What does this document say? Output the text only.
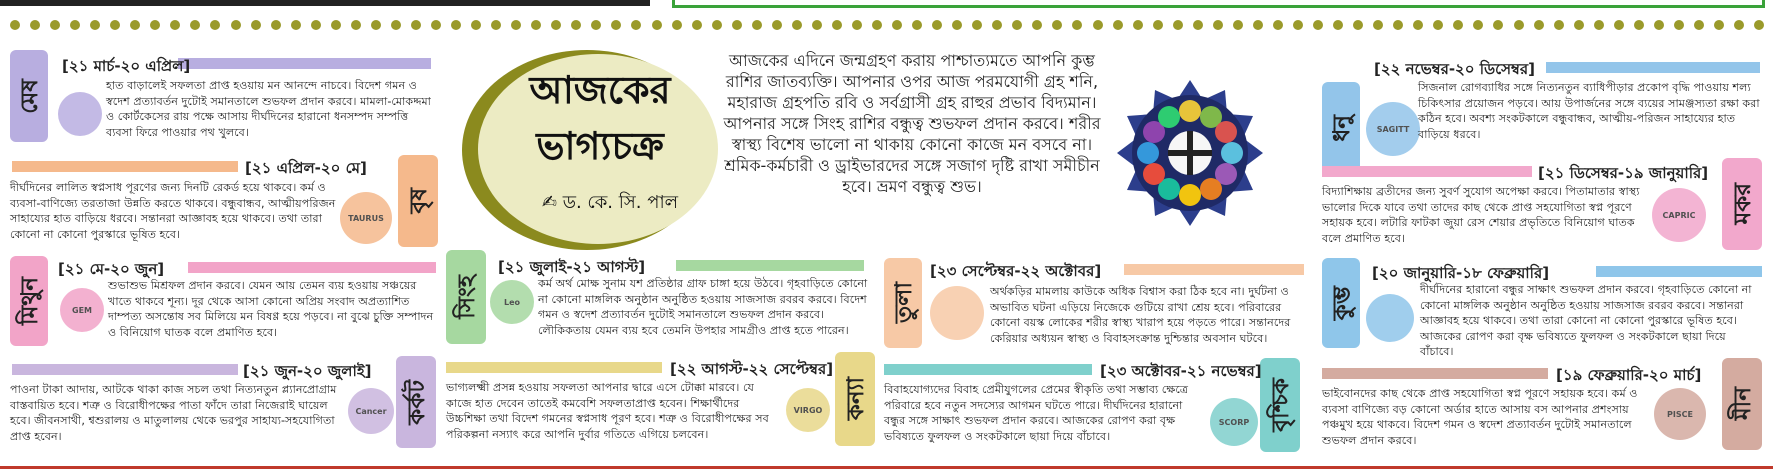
আজকের
ভাগ্যচক্র
✍ ড. কে. সি. পাল
আজকের এদিনে জন্মগ্রহণ করায় পাশ্চাত্যমতে আপনি কুম্ভ রাশির জাতব্যক্তি। আপনার ওপর আজ পরমযোগী গ্রহ শনি, মহারাজ গ্রহপতি রবি ও সর্বগ্রাসী গ্রহ রাহুর প্রভাব বিদ্যমান। আপনার সঙ্গে সিংহ রাশির বন্ধুত্ব শুভফল প্রদান করবে। শরীর স্বাস্থ্য বিশেষ ভালো না থাকায় কোনো কাজে মন বসবে না। শ্রমিক-কর্মচারী ও ড্রাইভারদের সঙ্গে সজাগ দৃষ্টি রাখা সমীচীন হবে। ভ্রমণ বন্ধুত্ব শুভ।
মেষ
[২১ মার্চ-২০ এপ্রিল]
হাত বাড়ালেই সফলতা প্রাপ্ত হওয়ায় মন আনন্দে নাচবে। বিদেশ গমন ও স্বদেশ প্রত্যাবর্তন দুটোই সমানতালে শুভফল প্রদান করবে। মামলা-মোকদ্দমা ও কোর্টকেসের রায় পক্ষে আসায় দীর্ঘদিনের হারানো ধনসম্পদ সম্পত্তি ব্যবসা ফিরে পাওয়ার পথ খুলবে।
বৃষ
[২১ এপ্রিল-২০ মে]
TAURUS
দীর্ঘদিনের লালিত স্বপ্নসাধ পূরণের জন্য দিনটি রেকর্ড হয়ে থাকবে। কর্ম ও ব্যবসা-বাণিজ্যে তরতাজা উন্নতি করতে থাকবে। বন্ধুবান্ধব, আত্মীয়পরিজন সাহায্যের হাত বাড়িয়ে ধরবে। সন্তানরা আজ্ঞাবহ হয়ে থাকবে। তথা তারা কোনো না কোনো পুরস্কারে ভূষিত হবে।
মিথুন
[২১ মে-২০ জুন]
GEM
শুভাশুভ মিশ্রফল প্রদান করবে। যেমন আয় তেমন ব্যয় হওয়ায় সঞ্চয়ের খাতে থাকবে শূন্য। দূর থেকে আসা কোনো অপ্রিয় সংবাদ অপ্রত্যাশিত দাম্পত্য অসন্তোষ সব মিলিয়ে মন বিষণ্ণ হয়ে পড়বে। না বুঝে চুক্তি সম্পাদন ও বিনিয়োগ ঘাতক বলে প্রমাণিত হবে।
কর্কট
[২১ জুন-২০ জুলাই]
Cancer
পাওনা টাকা আদায়, আটকে থাকা কাজ সচল তথা নিত্যনতুন প্ল্যানপ্রোগ্রাম বাস্তবায়িত হবে। শত্রু ও বিরোধীপক্ষের পাতা ফাঁদে তারা নিজেরাই ঘায়েল হবে। জীবনসাথী, শ্বশুরালয় ও মাতুলালয় থেকে ভরপুর সাহায্য-সহযোগিতা প্রাপ্ত হবেন।
সিংহ
[২১ জুলাই-২১ আগস্ট]
Leo
কর্ম অর্থ মোক্ষ সুনাম যশ প্রতিষ্ঠার গ্রাফ চাঙ্গা হয়ে উঠবে। গৃহবাড়িতে কোনো না কোনো মাঙ্গলিক অনুষ্ঠান অনুষ্ঠিত হওয়ায় সাজসাজ রবরব করবে। বিদেশ গমন ও স্বদেশ প্রত্যাবর্তন দুটোই সমানতালে শুভফল প্রদান করবে। লৌকিকতায় যেমন ব্যয় হবে তেমনি উপহার সামগ্রীও প্রাপ্ত হতে পারেন।
কন্যা
[২২ আগস্ট-২২ সেপ্টেম্বর]
VIRGO
ভাগ্যলক্ষ্মী প্রসন্ন হওয়ায় সফলতা আপনার দ্বারে এসে টোক্কা মারবে। যে কাজে হাত দেবেন তাতেই কমবেশি সফলতাপ্রাপ্ত হবেন। শিক্ষার্থীদের উচ্চশিক্ষা তথা বিদেশ গমনের স্বপ্নসাধ পূরণ হবে। শত্রু ও বিরোধীপক্ষের সব পরিকল্পনা নস্যাৎ করে আপনি দুর্বার গতিতে এগিয়ে চলবেন।
তুলা
[২৩ সেপ্টেম্বর-২২ অক্টোবর]
অর্থকড়ির মামলায় কাউকে অধিক বিশ্বাস করা ঠিক হবে না। দুর্ঘটনা ও অভাবিত ঘটনা এড়িয়ে নিজেকে গুটিয়ে রাখা শ্রেয় হবে। পরিবারের কোনো বয়স্ক লোকের শরীর স্বাস্থ্য খারাপ হয়ে পড়তে পারে। সন্তানদের কেরিয়ার অধ্যয়ন স্বাস্থ্য ও বিবাহসংক্রান্ত দুশ্চিন্তার অবসান ঘটবে।
বৃশ্চিক
[২৩ অক্টোবর-২১ নভেম্বর]
SCORP
বিবাহযোগ্যদের বিবাহ প্রেমীযুগলের প্রেমের স্বীকৃতি তথা সম্ভাব্য ক্ষেত্রে পরিবারে হবে নতুন সদস্যের আগমন ঘটতে পারে। দীর্ঘদিনের হারানো বন্ধুর সঙ্গে সাক্ষাৎ শুভফল প্রদান করবে। আজকের রোপণ করা বৃক্ষ ভবিষ্যতে ফুলফল ও সংকটকালে ছায়া দিয়ে বাঁচাবে।
ধনু
[২২ নভেম্বর-২০ ডিসেম্বর]
SAGITT
সিজনাল রোগব্যাধির সঙ্গে নিত্যনতুন ব্যাধিপীড়ার প্রকোপ বৃদ্ধি পাওয়ায় শল্য চিকিৎসার প্রয়োজন পড়বে। আয় উপার্জনের সঙ্গে ব্যয়ের সামঞ্জস্যতা রক্ষা করা কঠিন হবে। অবশ্য সংকটকালে বন্ধুবান্ধব, আত্মীয়-পরিজন সাহায্যের হাত বাড়িয়ে ধরবে।
মকর
[২১ ডিসেম্বর-১৯ জানুয়ারি]
CAPRIC
বিদ্যাশিক্ষায় ব্রতীদের জন্য সুবর্ণ সুযোগ অপেক্ষা করবে। পিতামাতার স্বাস্থ্য ভালোর দিকে যাবে তথা তাদের কাছ থেকে প্রাপ্ত সহযোগিতা স্বপ্ন পূরণে সহায়ক হবে। লটারি ফাটকা জুয়া রেস শেয়ার প্রভৃতিতে বিনিয়োগ ঘাতক বলে প্রমাণিত হবে।
কুম্ভ
[২০ জানুয়ারি-১৮ ফেব্রুয়ারি]
দীর্ঘদিনের হারানো বন্ধুর সাক্ষাৎ শুভফল প্রদান করবে। গৃহবাড়িতে কোনো না কোনো মাঙ্গলিক অনুষ্ঠান অনুষ্ঠিত হওয়ায় সাজসাজ রবরব করবে। সন্তানরা আজ্ঞাবহ হয়ে থাকবে। তথা তারা কোনো না কোনো পুরস্কারে ভূষিত হবে। আজকের রোপণ করা বৃক্ষ ভবিষ্যতে ফুলফল ও সংকটকালে ছায়া দিয়ে বাঁচাবে।
মীন
[১৯ ফেব্রুয়ারি-২০ মার্চ]
PISCE
ভাইবোনদের কাছ থেকে প্রাপ্ত সহযোগিতা স্বপ্ন পূরণে সহায়ক হবে। কর্ম ও ব্যবসা বাণিজ্যে বড় কোনো অর্ডার হাতে আসায় বস আপনার প্রশংসায় পঞ্চমুখ হয়ে থাকবে। বিদেশ গমন ও স্বদেশ প্রত্যাবর্তন দুটোই সমানতালে শুভফল প্রদান করবে।
